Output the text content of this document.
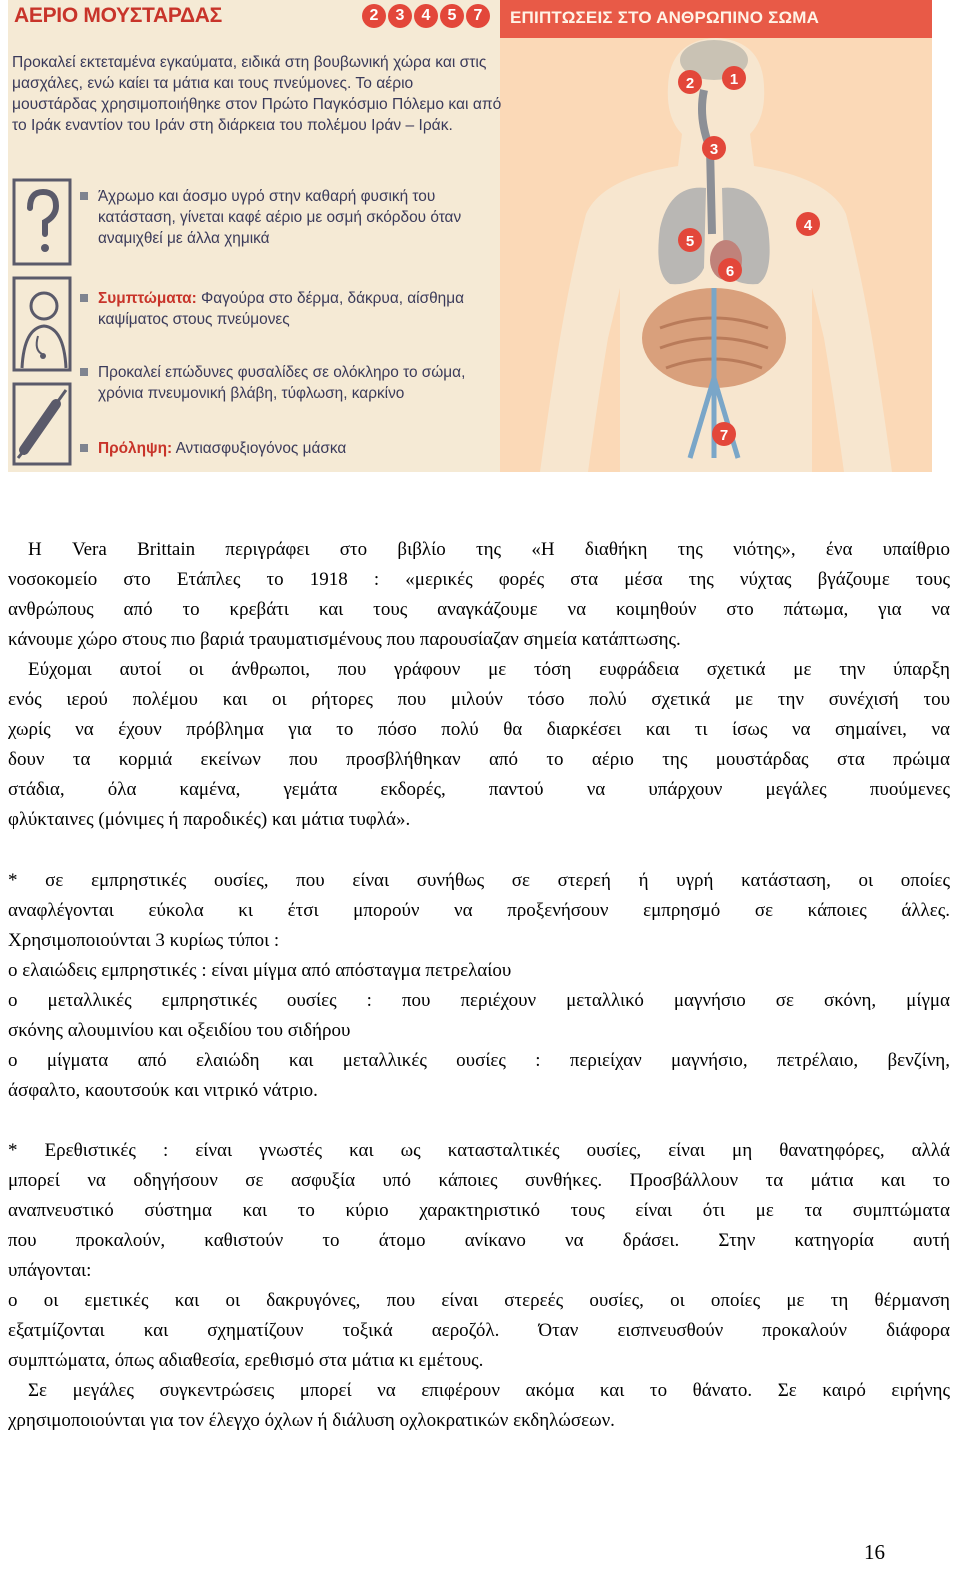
ΑΕΡΙΟ ΜΟΥΣΤΑΡΔΑΣ	2	3	4	5	7	ΕΠΙΠΤΩΣΕΙΣ ΣΤΟ ΑΝΘΡΩΠΙΝΟ ΣΩΜΑ
Προκαλεί εκτεταμένα εγκαύματα, ειδικά στη βουβωνική χώρα και στις μασχάλες, ενώ καίει τα μάτια και τους πνεύμονες. Το αέριο μουστάρδας χρησιμοποιήθηκε στον Πρώτο Παγκόσμιο Πόλεμο και από το Ιράκ εναντίον του Ιράν στη διάρκεια του πολέμου Ιράν – Ιράκ.
Άχρωμο και άοσμο υγρό στην καθαρή φυσική του κατάσταση, γίνεται καφέ αέριο με οσμή σκόρδου όταν αναμιχθεί με άλλα χημικά
Συμπτώματα: Φαγούρα στο δέρμα, δάκρυα, αίσθημα καψίματος στους πνεύμονες
Προκαλεί επώδυνες φυσαλίδες σε ολόκληρο το σώμα, χρόνια πνευμονική βλάβη, τύφλωση, καρκίνο
Πρόληψη: Αντιασφυξιογόνος μάσκα
1
2
3
4
5
6
7
Η Vera Brittain περιγράφει στο βιβλίο της «Η διαθήκη της νιότης», ένα υπαίθριο
νοσοκομείο στο Ετάπλες το 1918 : «μερικές φορές στα μέσα της νύχτας βγάζουμε τους
ανθρώπους από το κρεβάτι και τους αναγκάζουμε να κοιμηθούν στο πάτωμα, για να
κάνουμε χώρο στους πιο βαριά τραυματισμένους που παρουσίαζαν σημεία κατάπτωσης.
Εύχομαι αυτοί οι άνθρωποι, που γράφουν με τόση ευφράδεια σχετικά με την ύπαρξη
ενός ιερού πολέμου και οι ρήτορες που μιλούν τόσο πολύ σχετικά με την συνέχισή του
χωρίς να έχουν πρόβλημα για το πόσο πολύ θα διαρκέσει και τι ίσως να σημαίνει, να
δουν τα κορμιά εκείνων που προσβλήθηκαν από το αέριο της μουστάρδας στα πρώιμα
στάδια, όλα καμένα, γεμάτα εκδορές, παντού να υπάρχουν μεγάλες πυούμενες
φλύκταινες (μόνιμες ή παροδικές) και μάτια τυφλά».
* σε εμπρηστικές ουσίες, που είναι συνήθως σε στερεή ή υγρή κατάσταση, οι οποίες
αναφλέγονται εύκολα κι έτσι μπορούν να προξενήσουν εμπρησμό σε κάποιες άλλες.
Χρησιμοποιούνται 3 κυρίως τύποι :
o ελαιώδεις εμπρηστικές : είναι μίγμα από απόσταγμα πετρελαίου
o μεταλλικές εμπρηστικές ουσίες : που περιέχουν μεταλλικό μαγνήσιο σε σκόνη, μίγμα
σκόνης αλουμινίου και οξειδίου του σιδήρου
o μίγματα από ελαιώδη και μεταλλικές ουσίες : περιείχαν μαγνήσιο, πετρέλαιο, βενζίνη,
άσφαλτο, καουτσούκ και νιτρικό νάτριο.
* Ερεθιστικές : είναι γνωστές και ως κατασταλτικές ουσίες, είναι μη θανατηφόρες, αλλά
μπορεί να οδηγήσουν σε ασφυξία υπό κάποιες συνθήκες. Προσβάλλουν τα μάτια και το
αναπνευστικό σύστημα και το κύριο χαρακτηριστικό τους είναι ότι με τα συμπτώματα
που προκαλούν, καθιστούν το άτομο ανίκανο να δράσει. Στην κατηγορία αυτή
υπάγονται:
o οι εμετικές και οι δακρυγόνες, που είναι στερεές ουσίες, οι οποίες με τη θέρμανση
εξατμίζονται και σχηματίζουν τοξικά αεροζόλ. Όταν εισπνευσθούν προκαλούν διάφορα
συμπτώματα, όπως αδιαθεσία, ερεθισμό στα μάτια κι εμέτους.
Σε μεγάλες συγκεντρώσεις μπορεί να επιφέρουν ακόμα και το θάνατο. Σε καιρό ειρήνης
χρησιμοποιούνται για τον έλεγχο όχλων ή διάλυση οχλοκρατικών εκδηλώσεων.
16
